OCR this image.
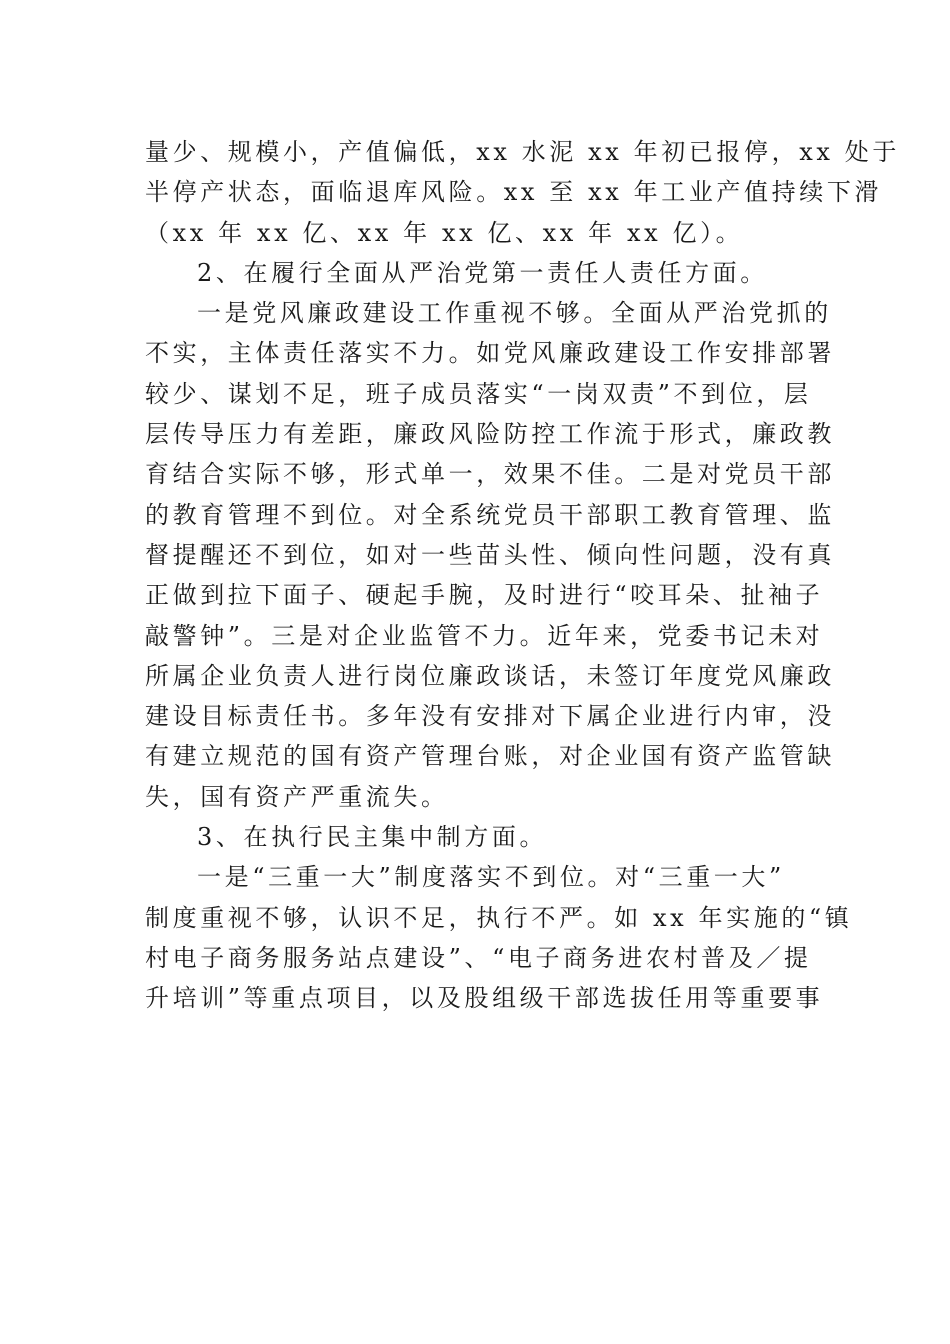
量少、规模小，产值偏低，xx 水泥 xx 年初已报停，xx 处于
半停产状态，面临退库风险。xx 至 xx 年工业产值持续下滑
（xx 年 xx 亿、xx 年 xx 亿、xx 年 xx 亿）。
2、在履行全面从严治党第一责任人责任方面。
一是党风廉政建设工作重视不够。全面从严治党抓的
不实，主体责任落实不力。如党风廉政建设工作安排部署
较少、谋划不足，班子成员落实“一岗双责”不到位，层
层传导压力有差距，廉政风险防控工作流于形式，廉政教
育结合实际不够，形式单一，效果不佳。二是对党员干部
的教育管理不到位。对全系统党员干部职工教育管理、监
督提醒还不到位，如对一些苗头性、倾向性问题，没有真
正做到拉下面子、硬起手腕，及时进行“咬耳朵、扯袖子
敲警钟”。三是对企业监管不力。近年来，党委书记未对
所属企业负责人进行岗位廉政谈话，未签订年度党风廉政
建设目标责任书。多年没有安排对下属企业进行内审，没
有建立规范的国有资产管理台账，对企业国有资产监管缺
失，国有资产严重流失。
3、在执行民主集中制方面。
一是“三重一大”制度落实不到位。对“三重一大”
制度重视不够，认识不足，执行不严。如 xx 年实施的“镇
村电子商务服务站点建设”、“电子商务进农村普及／提
升培训”等重点项目，以及股组级干部选拔任用等重要事
